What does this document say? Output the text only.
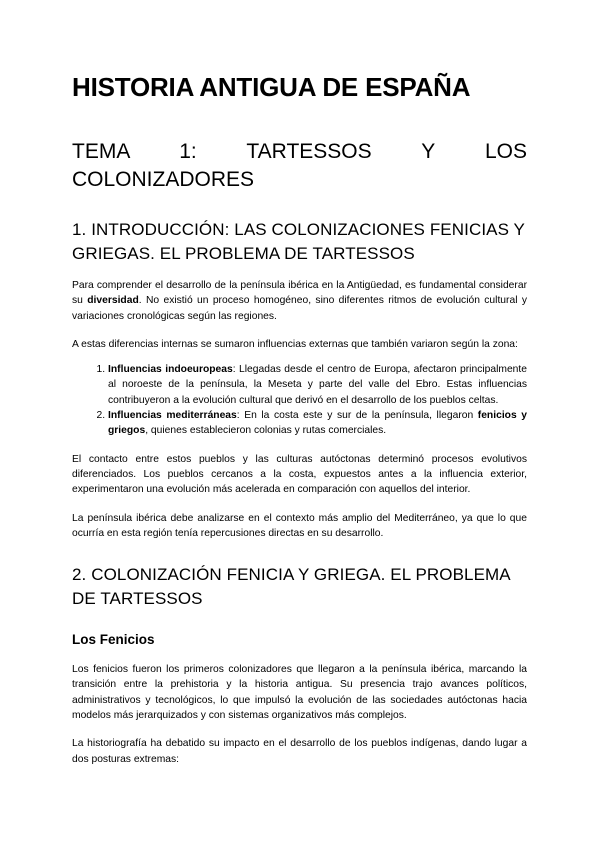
HISTORIA ANTIGUA DE ESPAÑA
TEMA 1: TARTESSOS Y LOS
COLONIZADORES
1. INTRODUCCIÓN: LAS COLONIZACIONES FENICIAS Y GRIEGAS. EL PROBLEMA DE TARTESSOS

Para comprender el desarrollo de la península ibérica en la Antigüedad, es fundamental considerar su diversidad. No existió un proceso homogéneo, sino diferentes ritmos de evolución cultural y variaciones cronológicas según las regiones.

A estas diferencias internas se sumaron influencias externas que también variaron según la zona:

1. Influencias indoeuropeas: Llegadas desde el centro de Europa, afectaron principalmente al noroeste de la península, la Meseta y parte del valle del Ebro. Estas influencias contribuyeron a la evolución cultural que derivó en el desarrollo de los pueblos celtas.
2. Influencias mediterráneas: En la costa este y sur de la península, llegaron fenicios y griegos, quienes establecieron colonias y rutas comerciales.

El contacto entre estos pueblos y las culturas autóctonas determinó procesos evolutivos diferenciados. Los pueblos cercanos a la costa, expuestos antes a la influencia exterior, experimentaron una evolución más acelerada en comparación con aquellos del interior.

La península ibérica debe analizarse en el contexto más amplio del Mediterráneo, ya que lo que ocurría en esta región tenía repercusiones directas en su desarrollo.

2. COLONIZACIÓN FENICIA Y GRIEGA. EL PROBLEMA DE TARTESSOS
Los Fenicios

Los fenicios fueron los primeros colonizadores que llegaron a la península ibérica, marcando la transición entre la prehistoria y la historia antigua. Su presencia trajo avances políticos, administrativos y tecnológicos, lo que impulsó la evolución de las sociedades autóctonas hacia modelos más jerarquizados y con sistemas organizativos más complejos.

La historiografía ha debatido su impacto en el desarrollo de los pueblos indígenas, dando lugar a dos posturas extremas:
